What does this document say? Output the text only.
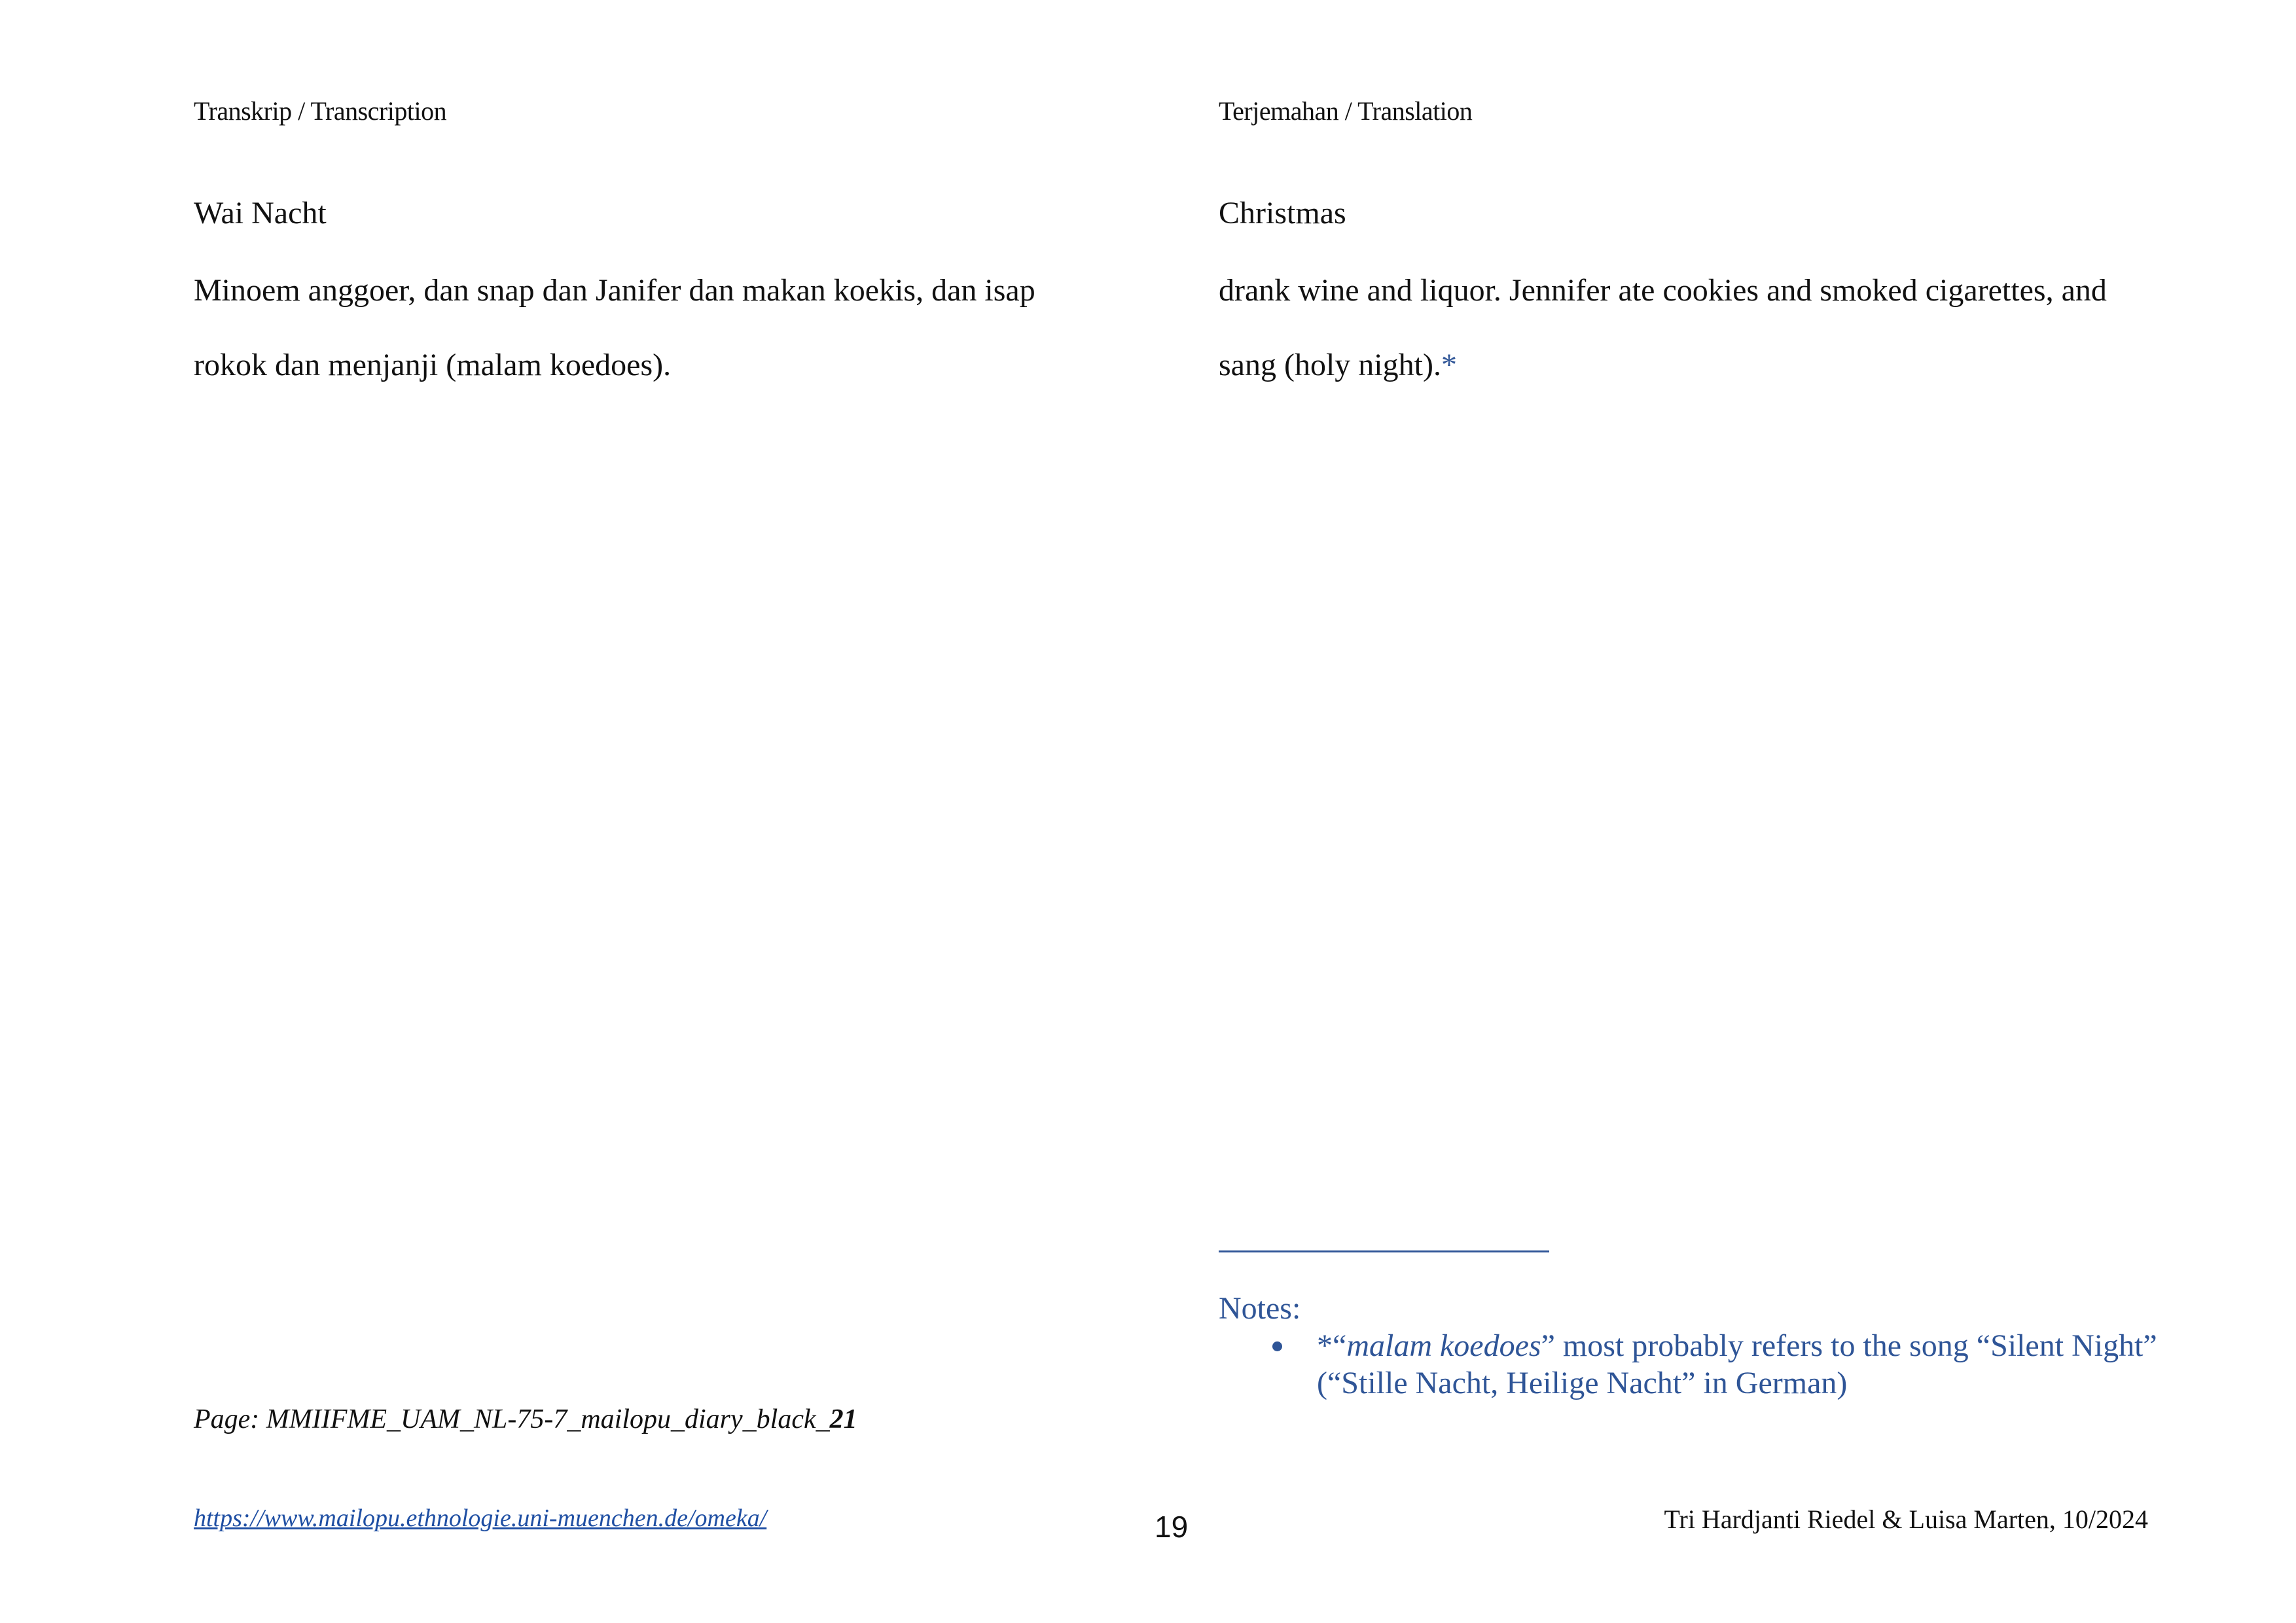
Transkrip / Transcription
Wai Nacht
Minoem anggoer, dan snap dan Janifer dan makan koekis, dan isap
rokok dan menjanji (malam koedoes).
Page: MMIIFME_UAM_NL-75-7_mailopu_diary_black_21
Terjemahan / Translation
Christmas
drank wine and liquor. Jennifer ate cookies and smoked cigarettes, and
sang (holy night).*
Notes:
*“malam koedoes” most probably refers to the song “Silent Night” (“Stille Nacht, Heilige Nacht” in German)
https://www.mailopu.ethnologie.uni-muenchen.de/omeka/	19	Tri Hardjanti Riedel & Luisa Marten, 10/2024
